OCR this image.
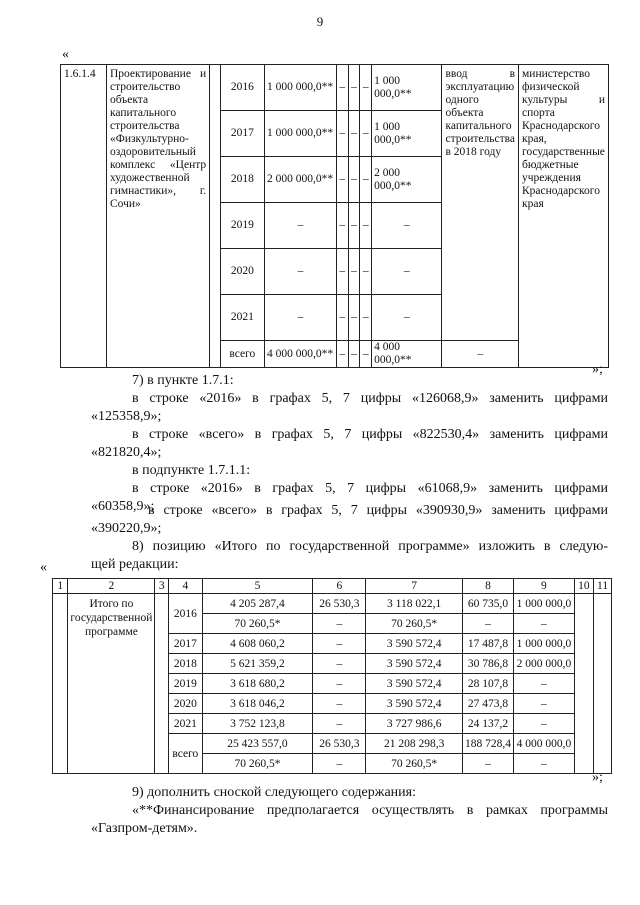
9
«
1.6.1.4	Проектирование и строительство объекта капитального строительства «Физкультурно-оздоровительный комплекс «Центр художественной гимнастики», г. Сочи»		2016	1 000 000,0**	–	–	–	1 000 000,0**	ввод в эксплуатацию одного объекта капитального строительства в 2018 году	министерство физической культуры и спорта Краснодарского края, государственные бюджетные учреждения Краснодарского края
			2017	1 000 000,0**	–	–	–	1 000 000,0**		
			2018	2 000 000,0**	–	–	–	2 000 000,0**		
			2019	–	–	–	–	–		
			2020	–	–	–	–	–		
			2021	–	–	–	–	–		
			всего	4 000 000,0**	–	–	–	4 000 000,0**	–	
»;
7) в пункте 1.7.1:
в строке «2016» в графах 5, 7 цифры «126068,9» заменить цифрами
«125358,9»;
в строке «всего» в графах 5, 7 цифры «822530,4» заменить цифрами
«821820,4»;
в подпункте 1.7.1.1:
в строке «2016» в графах 5, 7 цифры «61068,9» заменить цифрами
«60358,9»;
в строке «всего» в графах 5, 7 цифры «390930,9» заменить цифрами
«390220,9»;
8) позицию «Итого по государственной программе» изложить в следую-
щей редакции:
«
1	2	3	4	5	6	7	8	9	10	11
	Итого по государственной программе		2016	4 205 287,4	26 530,3	3 118 022,1	60 735,0	1 000 000,0		
				70 260,5*	–	70 260,5*	–	–		
			2017	4 608 060,2	–	3 590 572,4	17 487,8	1 000 000,0		
			2018	5 621 359,2	–	3 590 572,4	30 786,8	2 000 000,0		
			2019	3 618 680,2	–	3 590 572,4	28 107,8	–		
			2020	3 618 046,2	–	3 590 572,4	27 473,8	–		
			2021	3 752 123,8	–	3 727 986,6	24 137,2	–		
			всего	25 423 557,0	26 530,3	21 208 298,3	188 728,4	4 000 000,0		
				70 260,5*	–	70 260,5*	–	–		
»;
9) дополнить сноской следующего содержания:
«**Финансирование предполагается осуществлять в рамках программы
«Газпром-детям».
